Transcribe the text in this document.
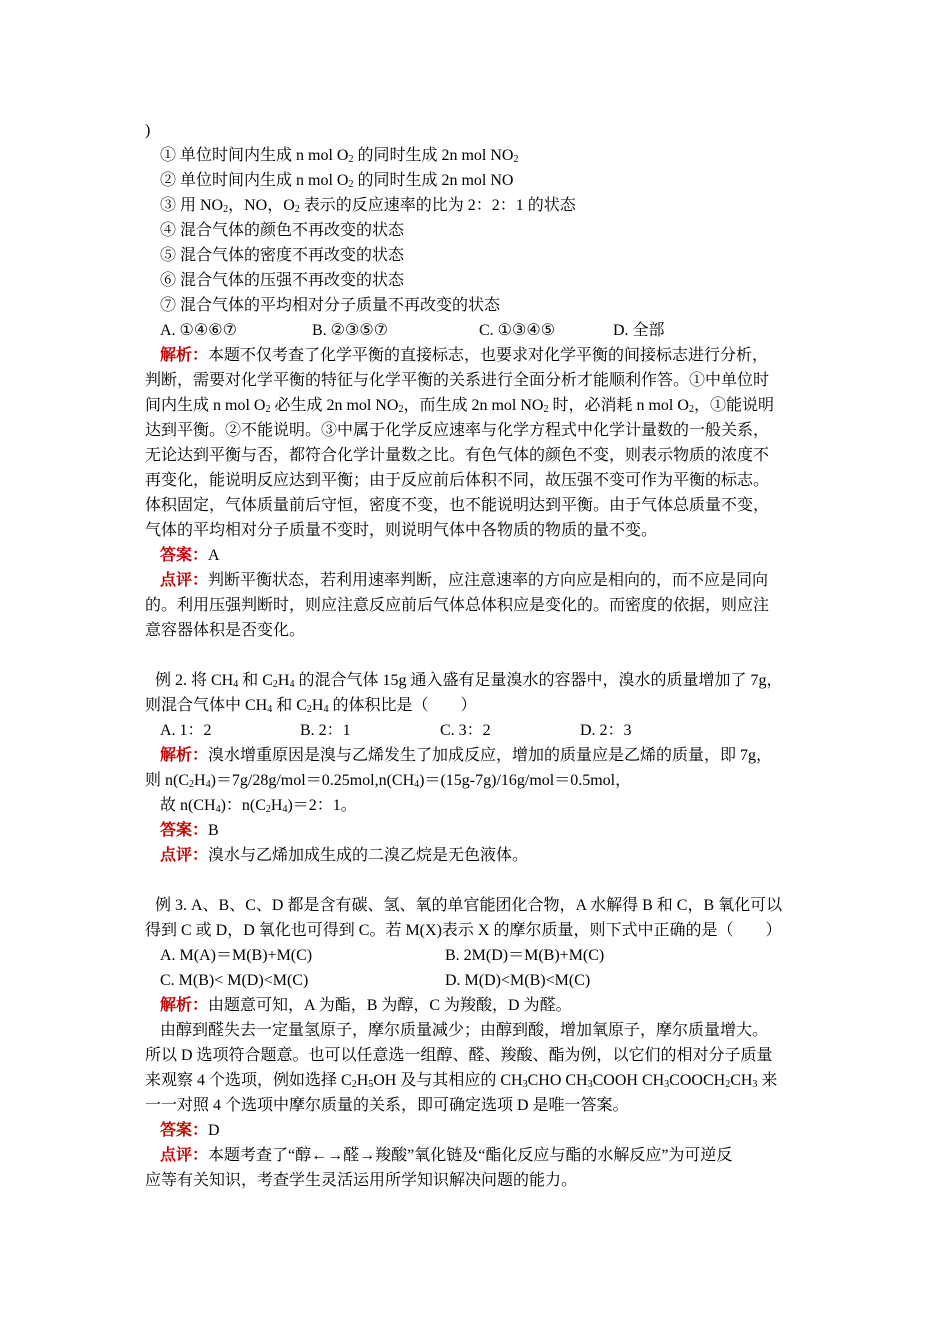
)
① 单位时间内生成 n mol $O_2$ 的同时生成 2n mol $NO_2$
② 单位时间内生成 n mol $O_2$ 的同时生成 2n mol NO
③ 用 $NO_2$，NO，$O_2$ 表示的反应速率的比为 2：2：1 的状态
④ 混合气体的颜色不再改变的状态
⑤ 混合气体的密度不再改变的状态
⑥ 混合气体的压强不再改变的状态
⑦ 混合气体的平均相对分子质量不再改变的状态
A. ①④⑥⑦	B. ②③⑤⑦	C. ①③④⑤	D. 全部
解析：本题不仅考查了化学平衡的直接标志，也要求对化学平衡的间接标志进行分析，
判断，需要对化学平衡的特征与化学平衡的关系进行全面分析才能顺利作答。①中单位时
间内生成 n mol $O_2$ 必生成 2n mol $NO_2$，而生成 2n mol $NO_2$ 时，必消耗 n mol $O_2$，①能说明
达到平衡。②不能说明。③中属于化学反应速率与化学方程式中化学计量数的一般关系，
无论达到平衡与否，都符合化学计量数之比。有色气体的颜色不变，则表示物质的浓度不
再变化，能说明反应达到平衡；由于反应前后体积不同，故压强不变可作为平衡的标志。
体积固定，气体质量前后守恒，密度不变，也不能说明达到平衡。由于气体总质量不变，
气体的平均相对分子质量不变时，则说明气体中各物质的物质的量不变。
答案：A
点评：判断平衡状态，若利用速率判断，应注意速率的方向应是相向的，而不应是同向
的。利用压强判断时，则应注意反应前后气体总体积应是变化的。而密度的依据，则应注
意容器体积是否变化。
例 2. 将 $CH_4$ 和 $C_2H_4$ 的混合气体 15g 通入盛有足量溴水的容器中，溴水的质量增加了 7g，
则混合气体中 $CH_4$ 和 $C_2H_4$ 的体积比是（　　）
A. 1：2	B. 2：1	C. 3：2	D. 2：3
解析：溴水增重原因是溴与乙烯发生了加成反应，增加的质量应是乙烯的质量，即 7g，
则 $n(C_2H_4)=7g/28g/mol=0.25mol,n(CH_4)=(15g-7g)/16g/mol=0.5mol$，
故 $n(CH_4)$：$n(C_2H_4)=2$：1。
答案：B
点评：溴水与乙烯加成生成的二溴乙烷是无色液体。
例 3. A、B、C、D 都是含有碳、氢、氧的单官能团化合物，A 水解得 B 和 C，B 氧化可以
得到 C 或 D，D 氧化也可得到 C。若 M(X)表示 X 的摩尔质量，则下式中正确的是（　　）
A. M(A)＝M(B)+M(C)	B. 2M(D)＝M(B)+M(C)
C. M(B)< M(D)<M(C)	D. M(D)<M(B)<M(C)
解析：由题意可知，A 为酯，B 为醇，C 为羧酸，D 为醛。
由醇到醛失去一定量氢原子，摩尔质量减少；由醇到酸，增加氧原子，摩尔质量增大。
所以 D 选项符合题意。也可以任意选一组醇、醛、羧酸、酯为例，以它们的相对分子质量
来观察 4 个选项，例如选择 $C_2H_5OH$ 及与其相应的 $CH_3CHO$ $CH_3COOH$ $CH_3COOCH_2CH_3$ 来
一一对照 4 个选项中摩尔质量的关系，即可确定选项 D 是唯一答案。
答案：D
点评：本题考查了“醇←→醛→羧酸”氧化链及“酯化反应与酯的水解反应”为可逆反
应等有关知识，考查学生灵活运用所学知识解决问题的能力。
